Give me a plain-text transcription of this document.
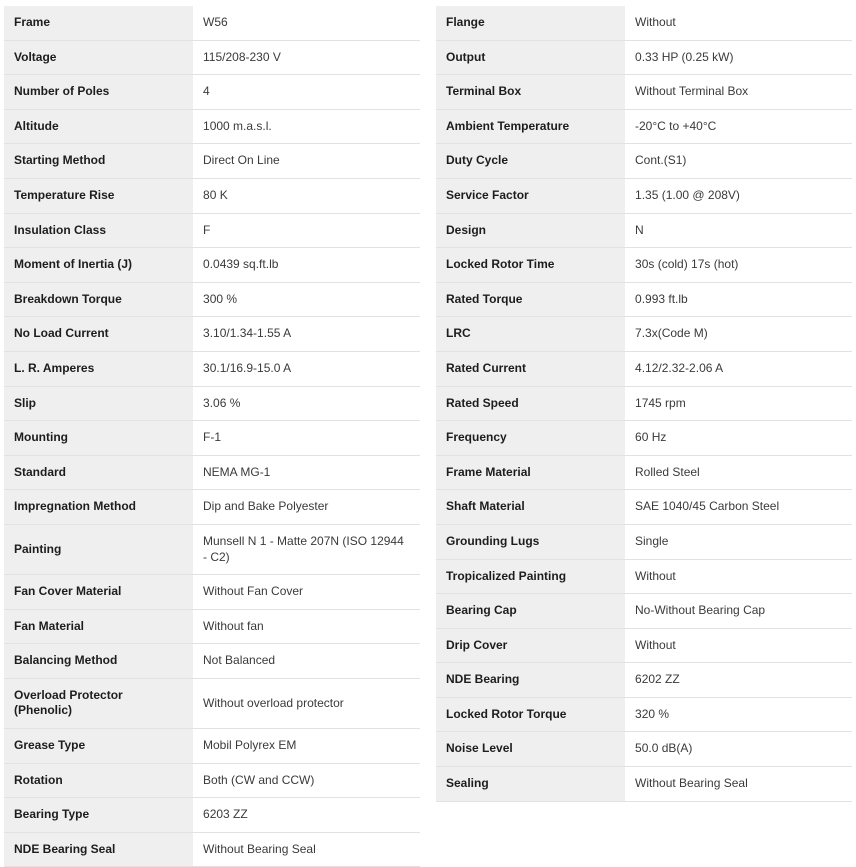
Frame	W56
Voltage	115/208-230 V
Number of Poles	4
Altitude	1000 m.a.s.l.
Starting Method	Direct On Line
Temperature Rise	80 K
Insulation Class	F
Moment of Inertia (J)	0.0439 sq.ft.lb
Breakdown Torque	300 %
No Load Current	3.10/1.34-1.55 A
L. R. Amperes	30.1/16.9-15.0 A
Slip	3.06 %
Mounting	F-1
Standard	NEMA MG-1
Impregnation Method	Dip and Bake Polyester
Painting	Munsell N 1 - Matte 207N (ISO 12944 - C2)
Fan Cover Material	Without Fan Cover
Fan Material	Without fan
Balancing Method	Not Balanced
Overload Protector (Phenolic)	Without overload protector
Grease Type	Mobil Polyrex EM
Rotation	Both (CW and CCW)
Bearing Type	6203 ZZ
NDE Bearing Seal	Without Bearing Seal
Flange	Without
Output	0.33 HP (0.25 kW)
Terminal Box	Without Terminal Box
Ambient Temperature	-20°C to +40°C
Duty Cycle	Cont.(S1)
Service Factor	1.35 (1.00 @ 208V)
Design	N
Locked Rotor Time	30s (cold) 17s (hot)
Rated Torque	0.993 ft.lb
LRC	7.3x(Code M)
Rated Current	4.12/2.32-2.06 A
Rated Speed	1745 rpm
Frequency	60 Hz
Frame Material	Rolled Steel
Shaft Material	SAE 1040/45 Carbon Steel
Grounding Lugs	Single
Tropicalized Painting	Without
Bearing Cap	No-Without Bearing Cap
Drip Cover	Without
NDE Bearing	6202 ZZ
Locked Rotor Torque	320 %
Noise Level	50.0 dB(A)
Sealing	Without Bearing Seal
